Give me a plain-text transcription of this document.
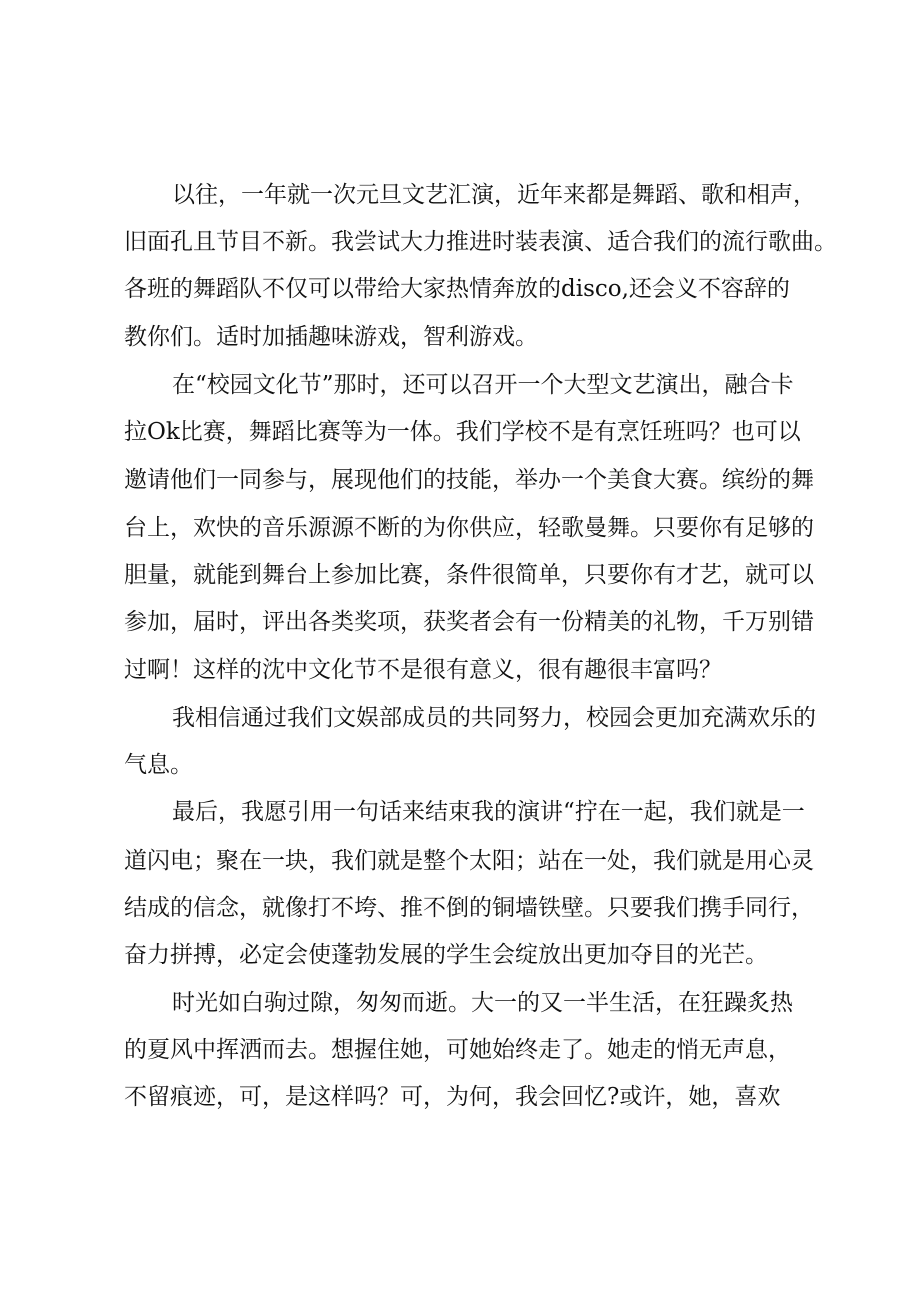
以往，一年就一次元旦文艺汇演，近年来都是舞蹈、歌和相声，
旧面孔且节目不新。我尝试大力推进时装表演、适合我们的流行歌曲。
各班的舞蹈队不仅可以带给大家热情奔放的disco,还会义不容辞的
教你们。适时加插趣味游戏，智利游戏。
在“校园文化节”那时，还可以召开一个大型文艺演出，融合卡
拉Ok比赛，舞蹈比赛等为一体。我们学校不是有烹饪班吗？也可以
邀请他们一同参与，展现他们的技能，举办一个美食大赛。缤纷的舞
台上，欢快的音乐源源不断的为你供应，轻歌曼舞。只要你有足够的
胆量，就能到舞台上参加比赛，条件很简单，只要你有才艺，就可以
参加，届时，评出各类奖项，获奖者会有一份精美的礼物，千万别错
过啊！这样的沈中文化节不是很有意义，很有趣很丰富吗？
我相信通过我们文娱部成员的共同努力，校园会更加充满欢乐的
气息。
最后，我愿引用一句话来结束我的演讲“拧在一起，我们就是一
道闪电；聚在一块，我们就是整个太阳；站在一处，我们就是用心灵
结成的信念，就像打不垮、推不倒的铜墙铁壁。只要我们携手同行，
奋力拼搏，必定会使蓬勃发展的学生会绽放出更加夺目的光芒。
时光如白驹过隙，匆匆而逝。大一的又一半生活，在狂躁炙热
的夏风中挥洒而去。想握住她，可她始终走了。她走的悄无声息，
不留痕迹，可，是这样吗？可，为何，我会回忆?或许，她，喜欢
